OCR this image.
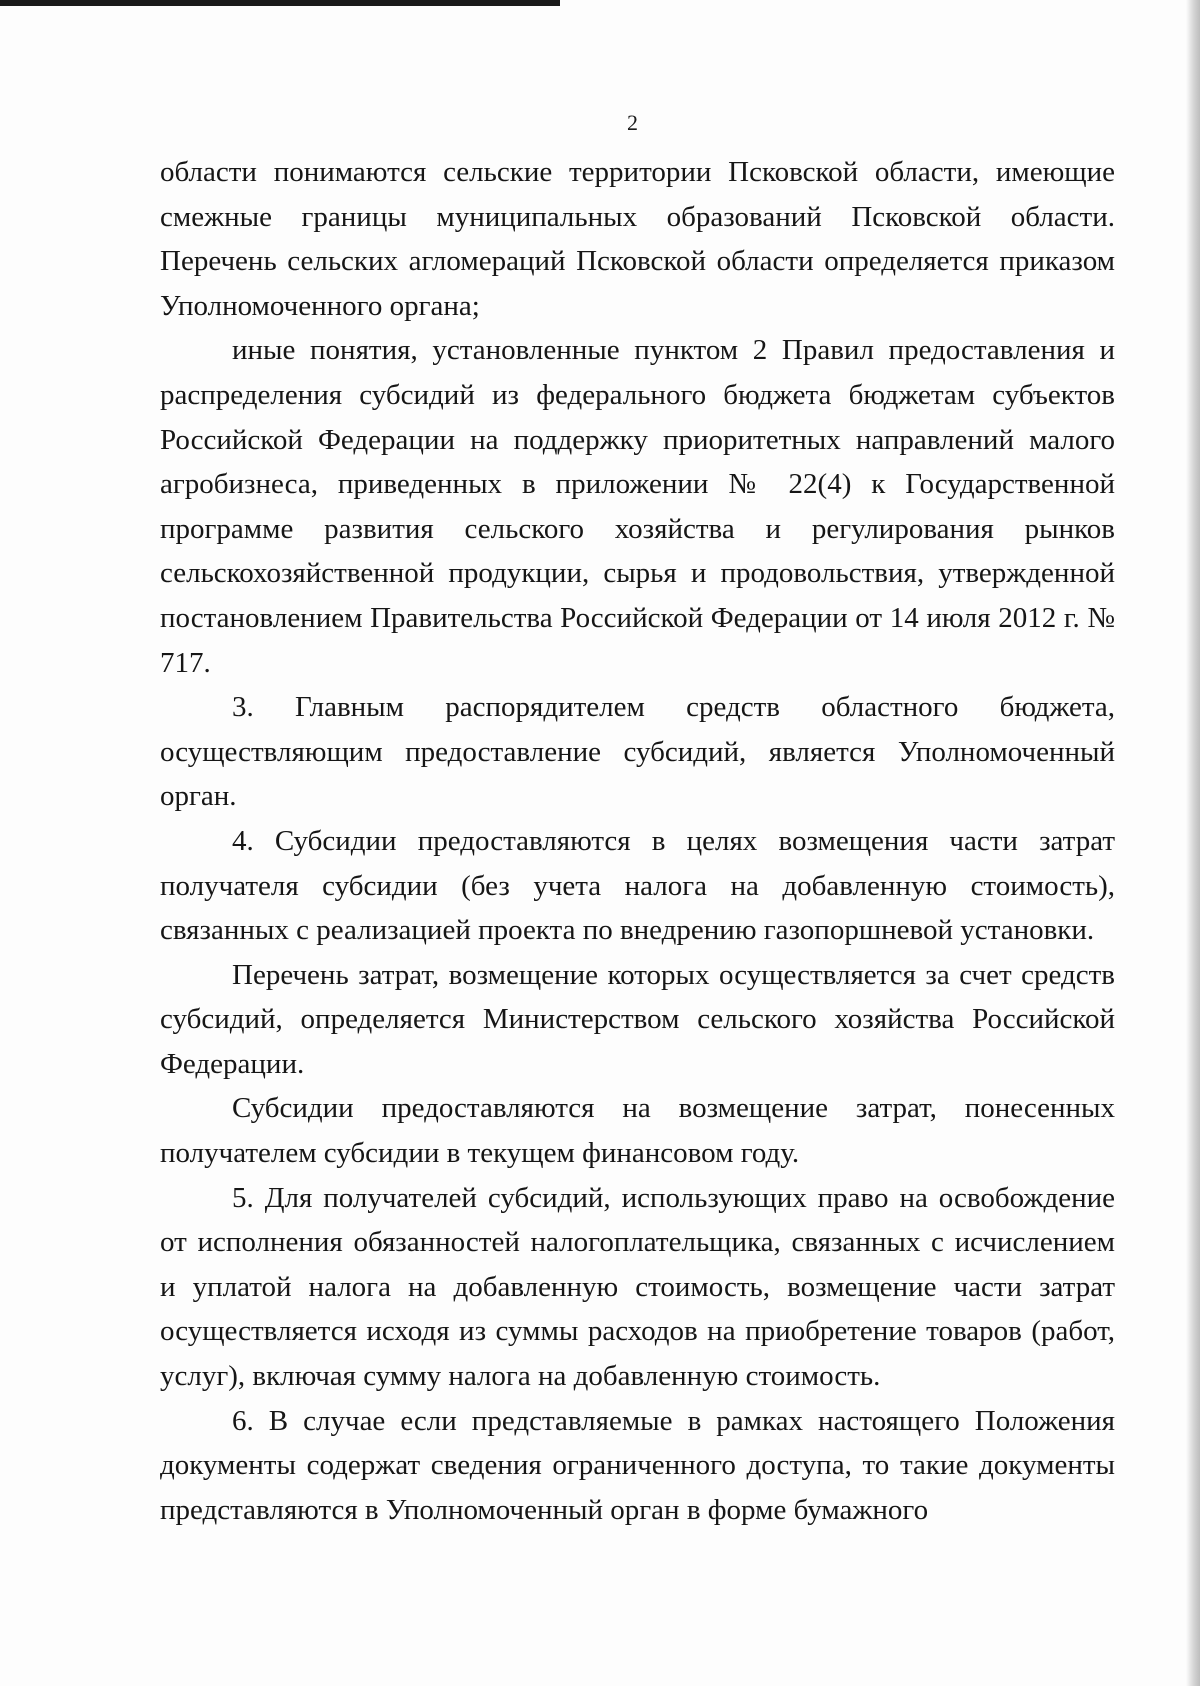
2

области понимаются сельские территории Псковской области, имеющие смежные границы муниципальных образований Псковской области. Перечень сельских агломераций Псковской области определяется приказом Уполномоченного органа;

иные понятия, установленные пунктом 2 Правил предоставления и распределения субсидий из федерального бюджета бюджетам субъектов Российской Федерации на поддержку приоритетных направлений малого агробизнеса, приведенных в приложении № 22(4) к Государственной программе развития сельского хозяйства и регулирования рынков сельскохозяйственной продукции, сырья и продовольствия, утвержденной постановлением Правительства Российской Федерации от 14 июля 2012 г. № 717.

3. Главным распорядителем средств областного бюджета, осуществляющим предоставление субсидий, является Уполномоченный орган.

4. Субсидии предоставляются в целях возмещения части затрат получателя субсидии (без учета налога на добавленную стоимость), связанных с реализацией проекта по внедрению газопоршневой установки.

Перечень затрат, возмещение которых осуществляется за счет средств субсидий, определяется Министерством сельского хозяйства Российской Федерации.

Субсидии предоставляются на возмещение затрат, понесенных получателем субсидии в текущем финансовом году.

5. Для получателей субсидий, использующих право на освобождение от исполнения обязанностей налогоплательщика, связанных с исчислением и уплатой налога на добавленную стоимость, возмещение части затрат осуществляется исходя из суммы расходов на приобретение товаров (работ, услуг), включая сумму налога на добавленную стоимость.

6. В случае если представляемые в рамках настоящего Положения документы содержат сведения ограниченного доступа, то такие документы представляются в Уполномоченный орган в форме бумажного
